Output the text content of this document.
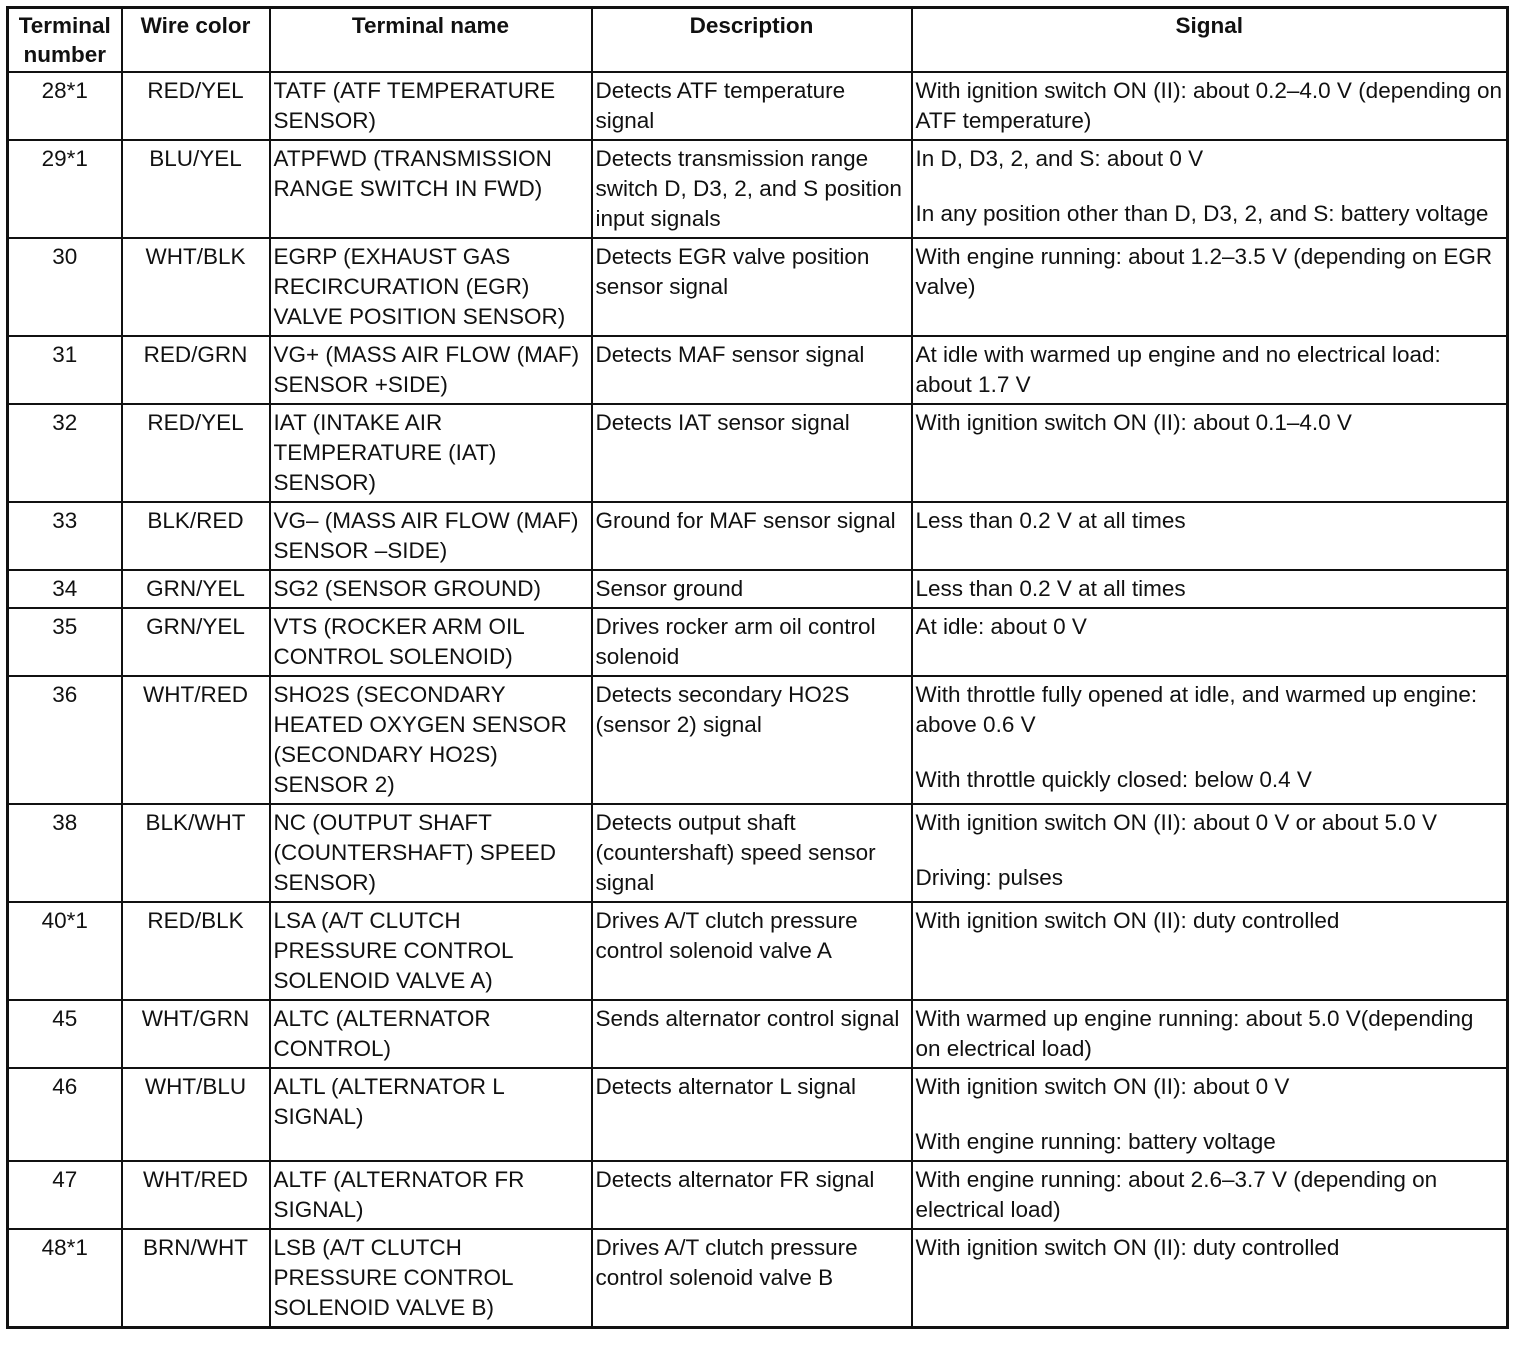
Terminal number	Wire color	Terminal name	Description	Signal
28*1	RED/YEL	TATF (ATF TEMPERATURE SENSOR)	Detects ATF temperature signal	With ignition switch ON (II): about 0.2–4.0 V (depending on ATF temperature)

29*1	BLU/YEL	ATPFWD (TRANSMISSION RANGE SWITCH IN FWD)	Detects transmission range switch D, D3, 2, and S position input signals	In D, D3, 2, and S: about 0 V
In any position other than D, D3, 2, and S: battery voltage

30	WHT/BLK	EGRP (EXHAUST GAS RECIRCURATION (EGR) VALVE POSITION SENSOR)	Detects EGR valve position sensor signal	With engine running: about 1.2–3.5 V (depending on EGR valve)

31	RED/GRN	VG+ (MASS AIR FLOW (MAF) SENSOR +SIDE)	Detects MAF sensor signal	At idle with warmed up engine and no electrical load: about 1.7 V

32	RED/YEL	IAT (INTAKE AIR TEMPERATURE (IAT) SENSOR)	Detects IAT sensor signal	With ignition switch ON (II): about 0.1–4.0 V

33	BLK/RED	VG– (MASS AIR FLOW (MAF) SENSOR –SIDE)	Ground for MAF sensor signal	Less than 0.2 V at all times

34	GRN/YEL	SG2 (SENSOR GROUND)	Sensor ground	Less than 0.2 V at all times

35	GRN/YEL	VTS (ROCKER ARM OIL CONTROL SOLENOID)	Drives rocker arm oil control solenoid	At idle: about 0 V

36	WHT/RED	SHO2S (SECONDARY HEATED OXYGEN SENSOR (SECONDARY HO2S) SENSOR 2)	Detects secondary HO2S (sensor 2) signal	With throttle fully opened at idle, and warmed up engine: above 0.6 V
With throttle quickly closed: below 0.4 V

38	BLK/WHT	NC (OUTPUT SHAFT (COUNTERSHAFT) SPEED SENSOR)	Detects output shaft (countershaft) speed sensor signal	With ignition switch ON (II): about 0 V or about 5.0 V
Driving: pulses

40*1	RED/BLK	LSA (A/T CLUTCH PRESSURE CONTROL SOLENOID VALVE A)	Drives A/T clutch pressure control solenoid valve A	With ignition switch ON (II): duty controlled

45	WHT/GRN	ALTC (ALTERNATOR CONTROL)	Sends alternator control signal	With warmed up engine running: about 5.0 V(depending on electrical load)

46	WHT/BLU	ALTL (ALTERNATOR L SIGNAL)	Detects alternator L signal	With ignition switch ON (II): about 0 V
With engine running: battery voltage

47	WHT/RED	ALTF (ALTERNATOR FR SIGNAL)	Detects alternator FR signal	With engine running: about 2.6–3.7 V (depending on electrical load)

48*1	BRN/WHT	LSB (A/T CLUTCH PRESSURE CONTROL SOLENOID VALVE B)	Drives A/T clutch pressure control solenoid valve B	With ignition switch ON (II): duty controlled
